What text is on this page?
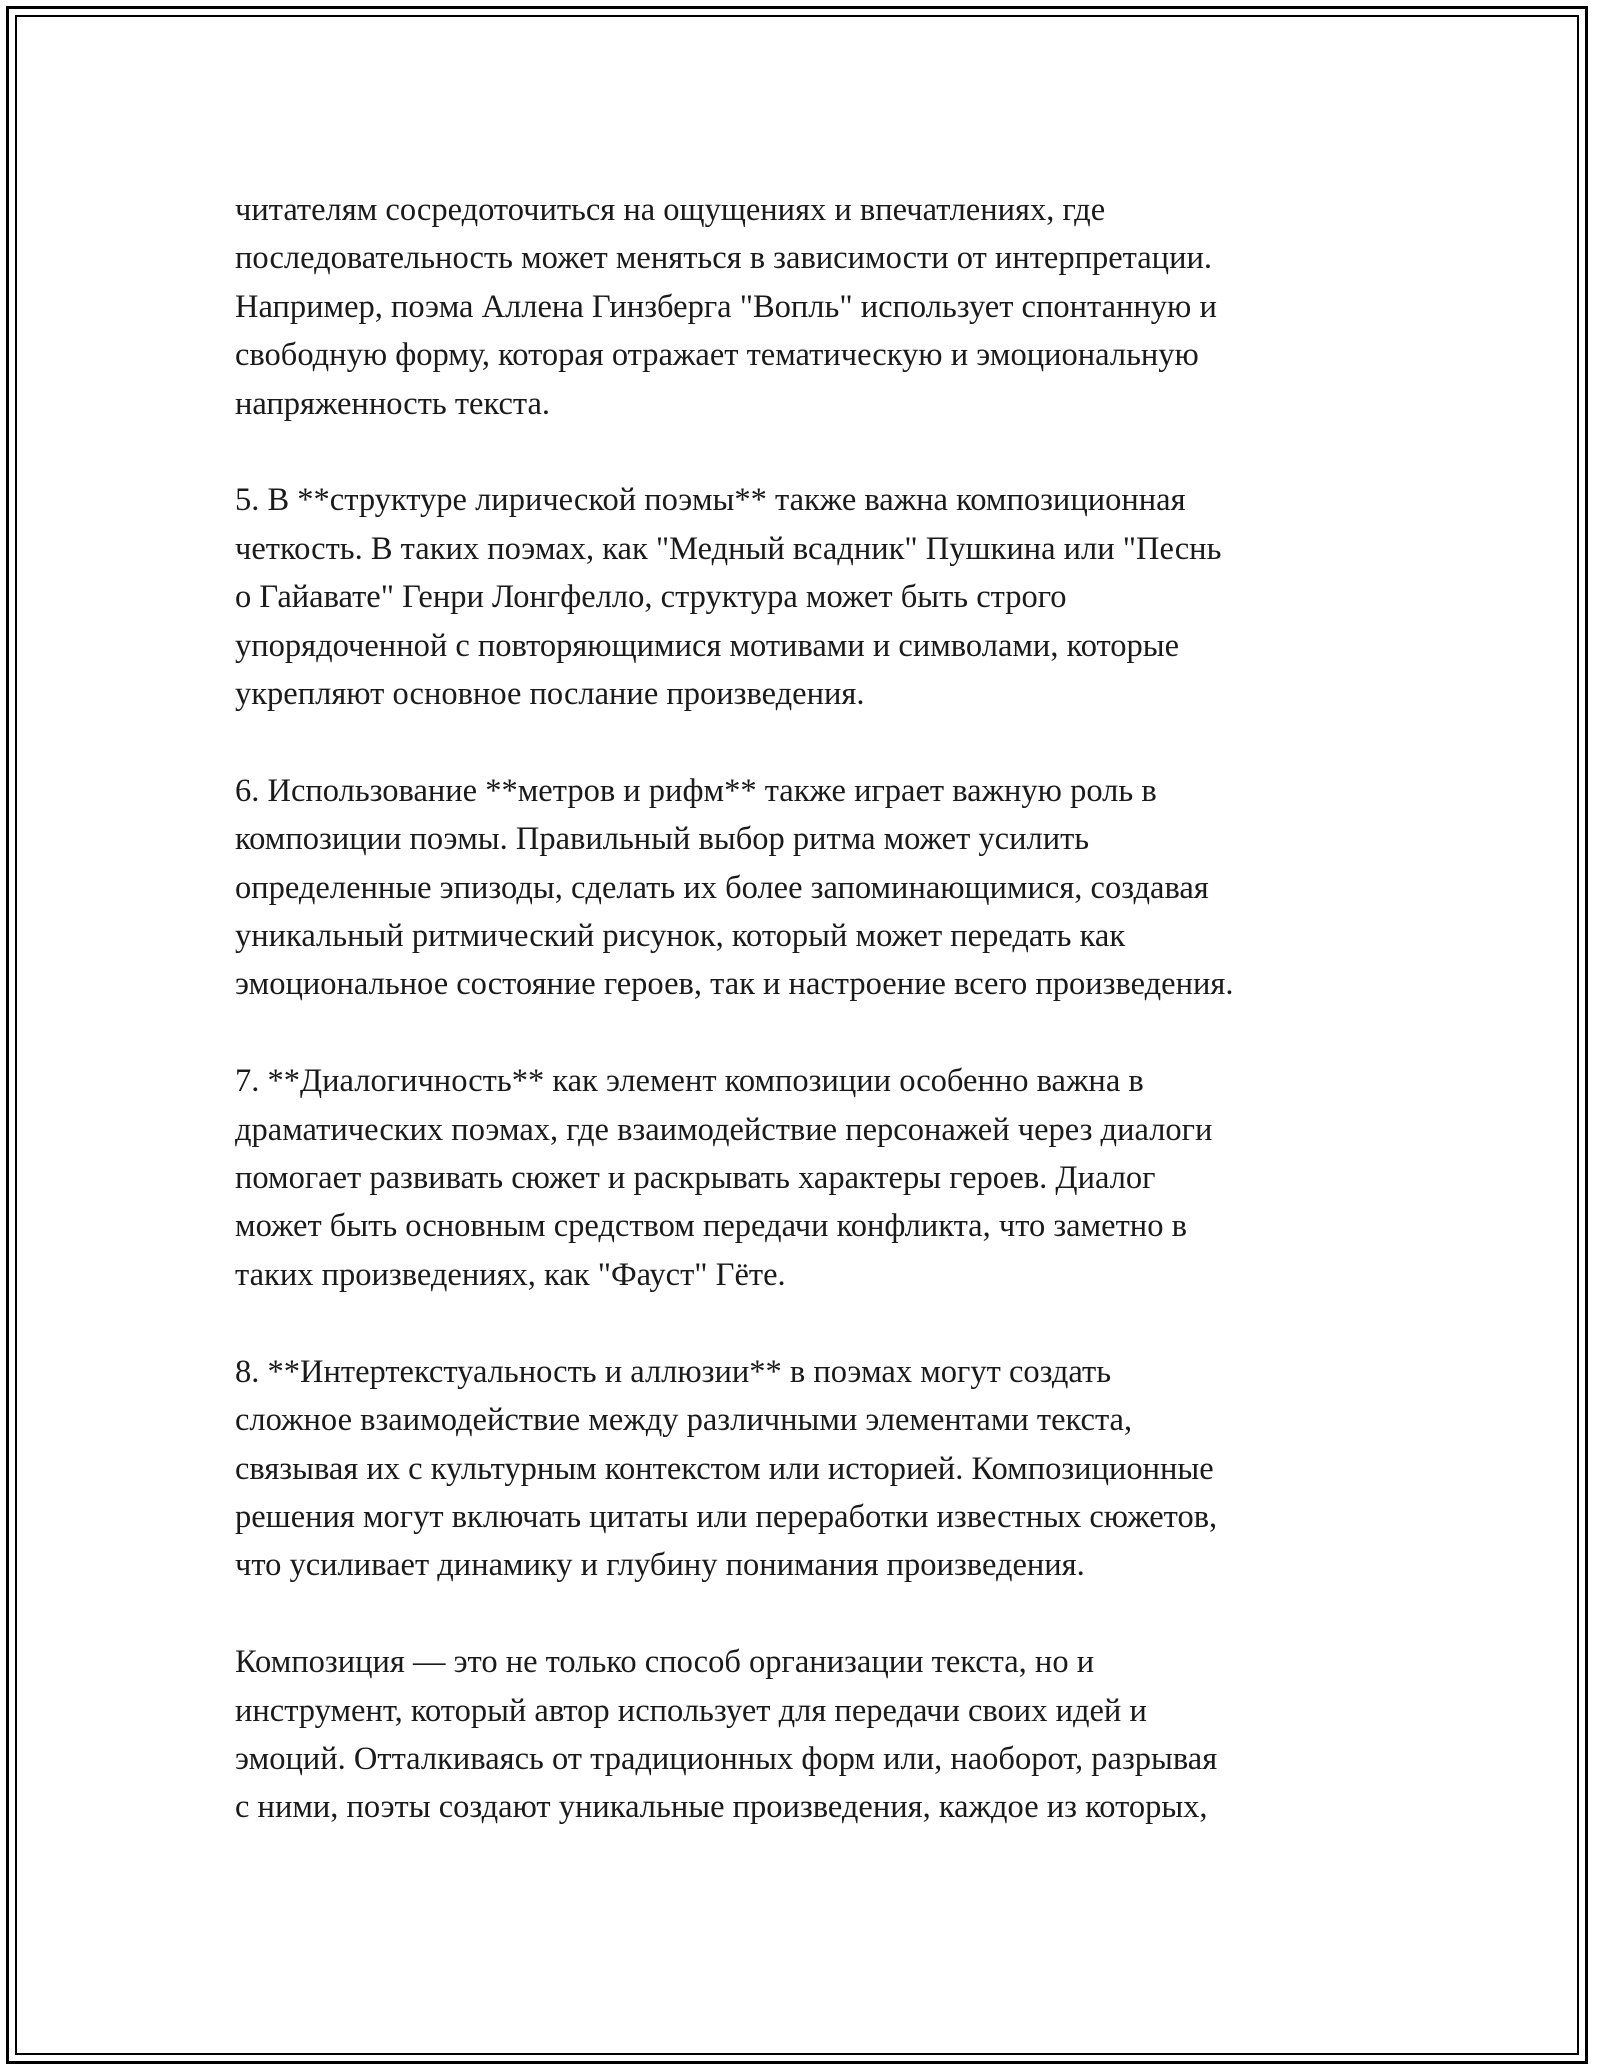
читателям сосредоточиться на ощущениях и впечатлениях, где
последовательность может меняться в зависимости от интерпретации.
Например, поэма Аллена Гинзберга "Вопль" использует спонтанную и
свободную форму, которая отражает тематическую и эмоциональную
напряженность текста.

5. В **структуре лирической поэмы** также важна композиционная
четкость. В таких поэмах, как "Медный всадник" Пушкина или "Песнь
о Гайавате" Генри Лонгфелло, структура может быть строго
упорядоченной с повторяющимися мотивами и символами, которые
укрепляют основное послание произведения.

6. Использование **метров и рифм** также играет важную роль в
композиции поэмы. Правильный выбор ритма может усилить
определенные эпизоды, сделать их более запоминающимися, создавая
уникальный ритмический рисунок, который может передать как
эмоциональное состояние героев, так и настроение всего произведения.

7. **Диалогичность** как элемент композиции особенно важна в
драматических поэмах, где взаимодействие персонажей через диалоги
помогает развивать сюжет и раскрывать характеры героев. Диалог
может быть основным средством передачи конфликта, что заметно в
таких произведениях, как "Фауст" Гёте.

8. **Интертекстуальность и аллюзии** в поэмах могут создать
сложное взаимодействие между различными элементами текста,
связывая их с культурным контекстом или историей. Композиционные
решения могут включать цитаты или переработки известных сюжетов,
что усиливает динамику и глубину понимания произведения.

Композиция — это не только способ организации текста, но и
инструмент, который автор использует для передачи своих идей и
эмоций. Отталкиваясь от традиционных форм или, наоборот, разрывая
с ними, поэты создают уникальные произведения, каждое из которых,
